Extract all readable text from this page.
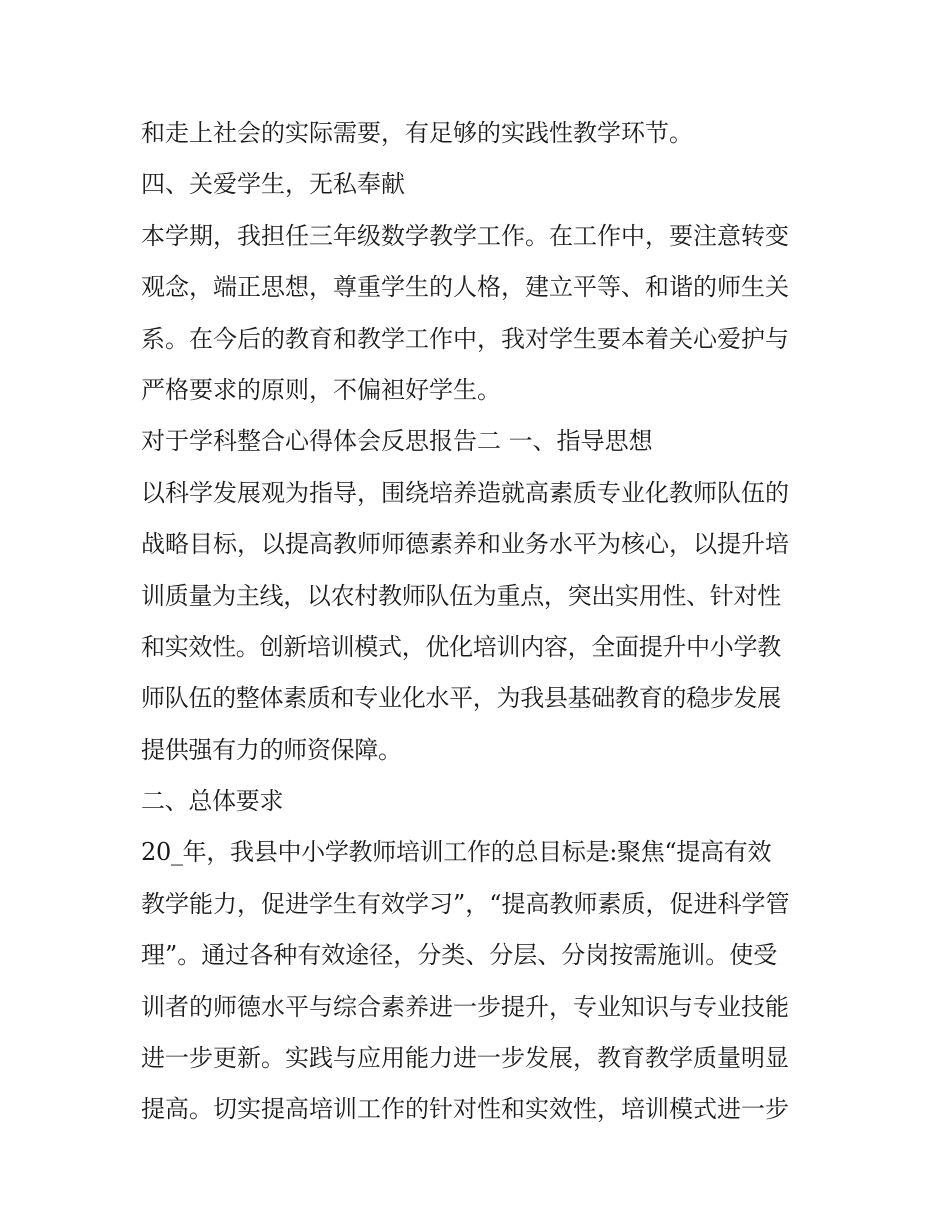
和走上社会的实际需要，有足够的实践性教学环节。
四、关爱学生，无私奉献
本学期，我担任三年级数学教学工作。在工作中，要注意转变
观念，端正思想，尊重学生的人格，建立平等、和谐的师生关
系。在今后的教育和教学工作中，我对学生要本着关心爱护与
严格要求的原则，不偏袒好学生。
对于学科整合心得体会反思报告二 一、指导思想
以科学发展观为指导，围绕培养造就高素质专业化教师队伍的
战略目标，以提高教师师德素养和业务水平为核心，以提升培
训质量为主线，以农村教师队伍为重点，突出实用性、针对性
和实效性。创新培训模式，优化培训内容，全面提升中小学教
师队伍的整体素质和专业化水平，为我县基础教育的稳步发展
提供强有力的师资保障。
二、总体要求
20_年，我县中小学教师培训工作的总目标是:聚焦“提高有效
教学能力，促进学生有效学习”，“提高教师素质，促进科学管
理”。通过各种有效途径，分类、分层、分岗按需施训。使受
训者的师德水平与综合素养进一步提升，专业知识与专业技能
进一步更新。实践与应用能力进一步发展，教育教学质量明显
提高。切实提高培训工作的针对性和实效性，培训模式进一步
